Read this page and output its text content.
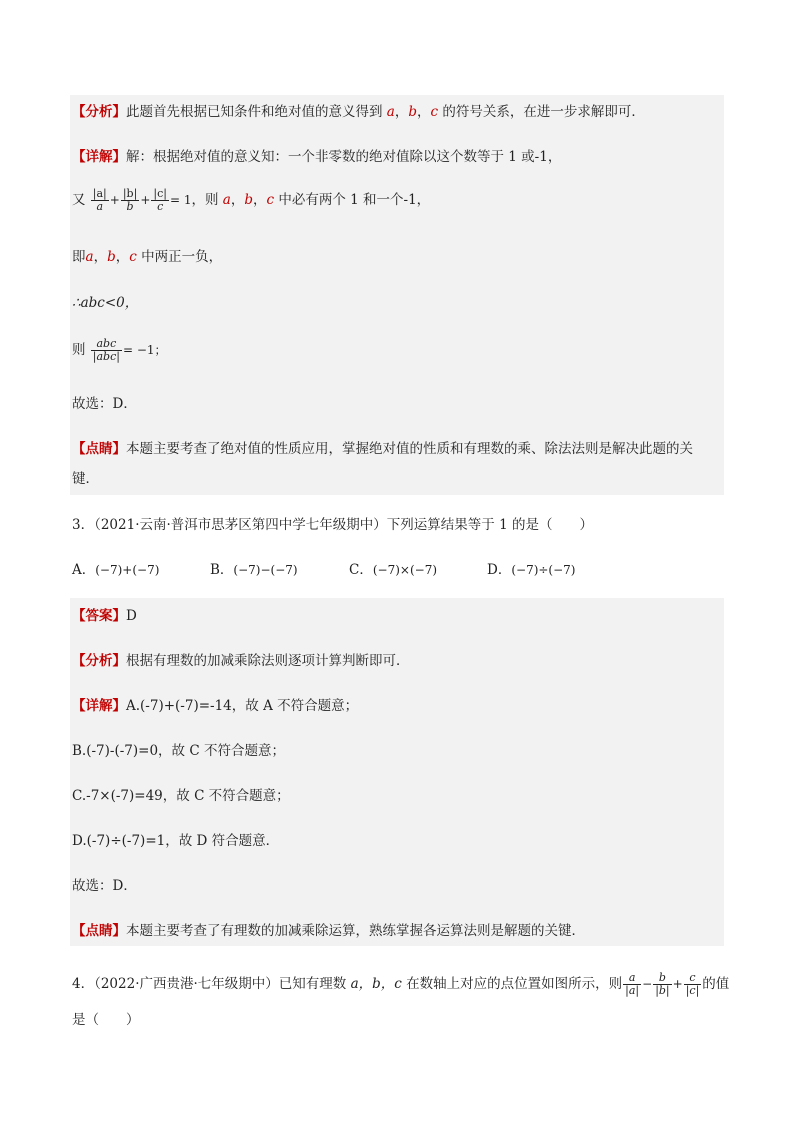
【分析】此题首先根据已知条件和绝对值的意义得到 a，b，c 的符号关系，在进一步求解即可．
【详解】解：根据绝对值的意义知：一个非零数的绝对值除以这个数等于 1 或-1，
又 $\frac{|a|}{a} + \frac{|b|}{b} + \frac{|c|}{c} = 1$，则 a，b，c 中必有两个 1 和一个-1，
即a，b，c 中两正一负，
∴abc<0，
则 $\frac{\text{abc}}{\text{|abc|}} = -1$；
故选：D．
【点睛】本题主要考查了绝对值的性质应用，掌握绝对值的性质和有理数的乘、除法法则是解决此题的关
键．
3．（2021·云南·普洱市思茅区第四中学七年级期中）下列运算结果等于 1 的是（　　）
A．(−7)+(−7)	B．(−7)−(−7)	C．(−7)×(−7)	D．(−7)÷(−7)
【答案】D
【分析】根据有理数的加减乘除法则逐项计算判断即可．
【详解】A.(-7)+(-7)=-14，故 A 不符合题意；
B.(-7)-(-7)=0，故 C 不符合题意；
C.-7×(-7)=49，故 C 不符合题意；
D.(-7)÷(-7)=1，故 D 符合题意．
故选：D．
【点睛】本题主要考查了有理数的加减乘除运算，熟练掌握各运算法则是解题的关键．
4．（2022·广西贵港·七年级期中）已知有理数 a，b，c 在数轴上对应的点位置如图所示，则 $\frac{a}{|a|} - \frac{b}{|b|} + \frac{c}{|c|}$ 的值
是（　　）
